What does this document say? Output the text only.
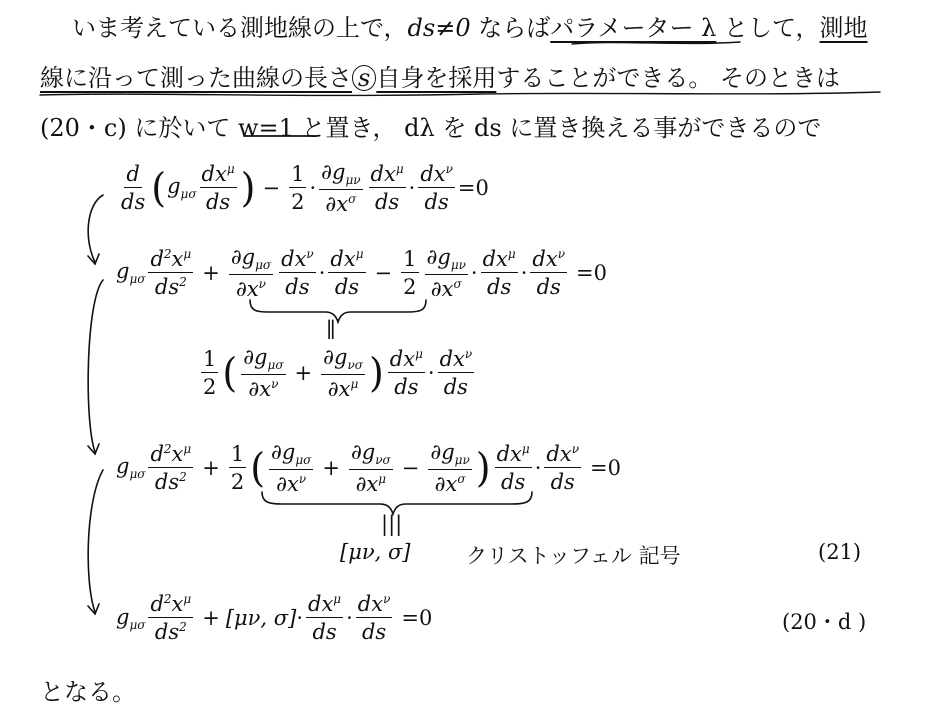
いま考えている測地線の上で，ds≠0 ならばパラメーター λ として，測地
線に沿って測った曲線の長さ s 自身を採用することができる。 そのときは
(20・c) に於いて w=1 と置き， dλ を ds に置き換える事ができるので
$\frac{d}{ds}$ ( $g_{\mu\sigma} \frac{dx^\mu}{ds}$ ) − $\frac{1}{2} \cdot \frac{\partial g_{\mu\nu}}{\partial x^\sigma} \frac{dx^\mu}{ds} \cdot \frac{dx^\nu}{ds} =0$
$g_{\mu\sigma} \frac{d^2x^\mu}{ds^2} + \frac{\partial g_{\mu\sigma}}{\partial x^\nu} \frac{dx^\nu}{ds} \cdot \frac{dx^\mu}{ds} - \frac{1}{2} \frac{\partial g_{\mu\nu}}{\partial x^\sigma} \cdot \frac{dx^\mu}{ds} \cdot \frac{dx^\nu}{ds} =0$
∥
$\frac{1}{2}$ ( $\frac{\partial g_{\mu\sigma}}{\partial x^\nu} + \frac{\partial g_{\nu\sigma}}{\partial x^\mu}$ ) $\frac{dx^\mu}{ds} \cdot \frac{dx^\nu}{ds}$
$g_{\mu\sigma} \frac{d^2x^\mu}{ds^2} + \frac{1}{2}$ ( $\frac{\partial g_{\mu\sigma}}{\partial x^\nu} + \frac{\partial g_{\nu\sigma}}{\partial x^\mu} - \frac{\partial g_{\mu\nu}}{\partial x^\sigma}$ ) $\frac{dx^\mu}{ds} \cdot \frac{dx^\nu}{ds} =0$
|||
[μν, σ]	クリストッフェル 記号	(21)
$g_{\mu\sigma} \frac{d^2x^\mu}{ds^2} + [\mu\nu$, $\sigma] \cdot \frac{dx^\mu}{ds} \cdot \frac{dx^\nu}{ds} =0$	(20・d )
となる。
